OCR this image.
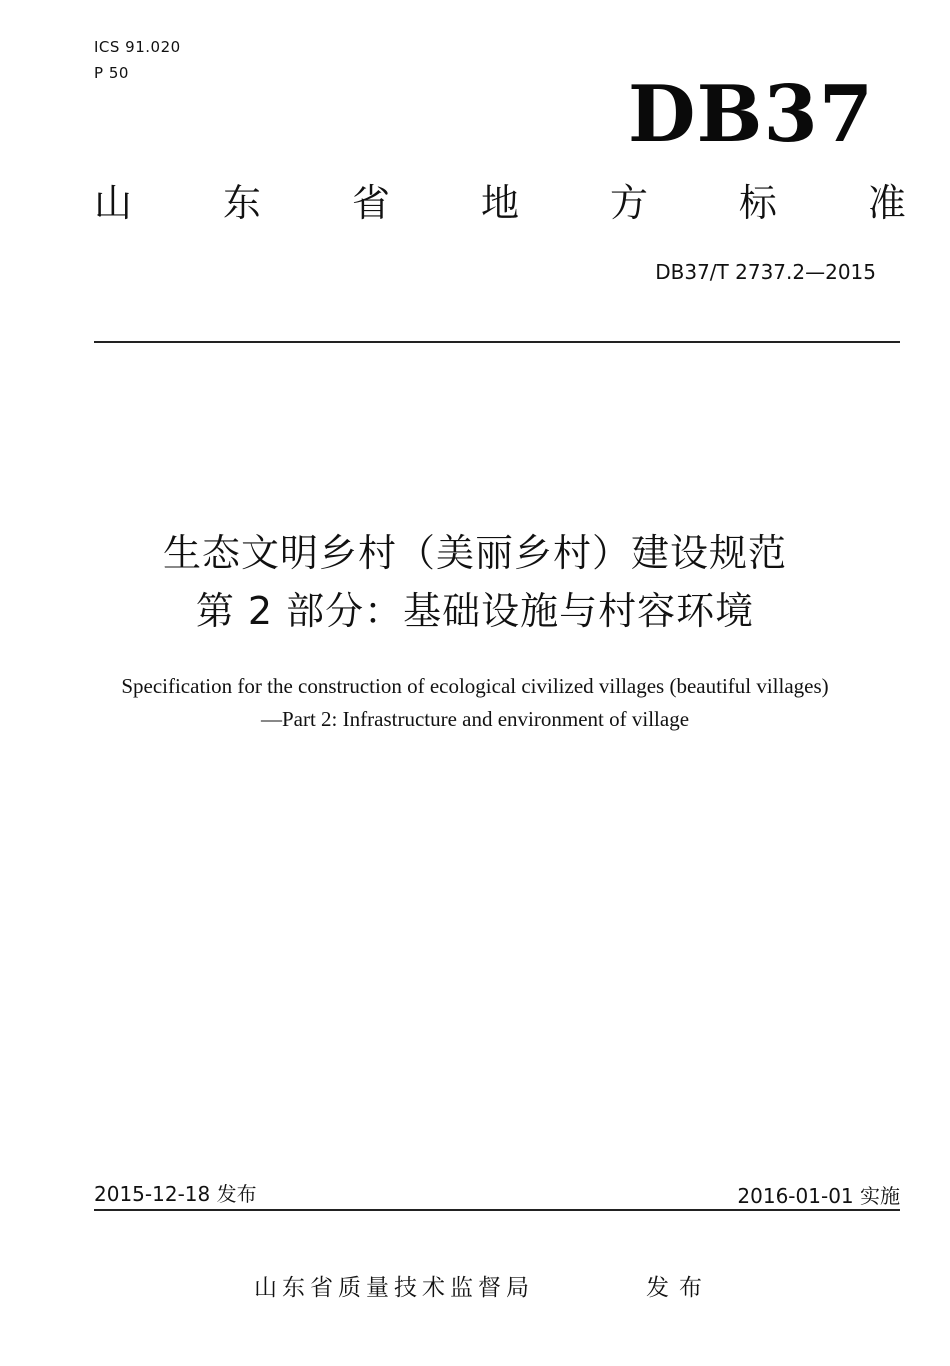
ICS 91.020
P 50	DB37
山 东 省 地 方 标 准
DB37/T 2737.2—2015
生态文明乡村（美丽乡村）建设规范
第 2 部分：基础设施与村容环境
Specification for the construction of ecological civilized villages (beautiful villages)
—Part 2: Infrastructure and environment of village
2015-12-18 发布	2016-01-01 实施
山东省质量技术监督局	发布
